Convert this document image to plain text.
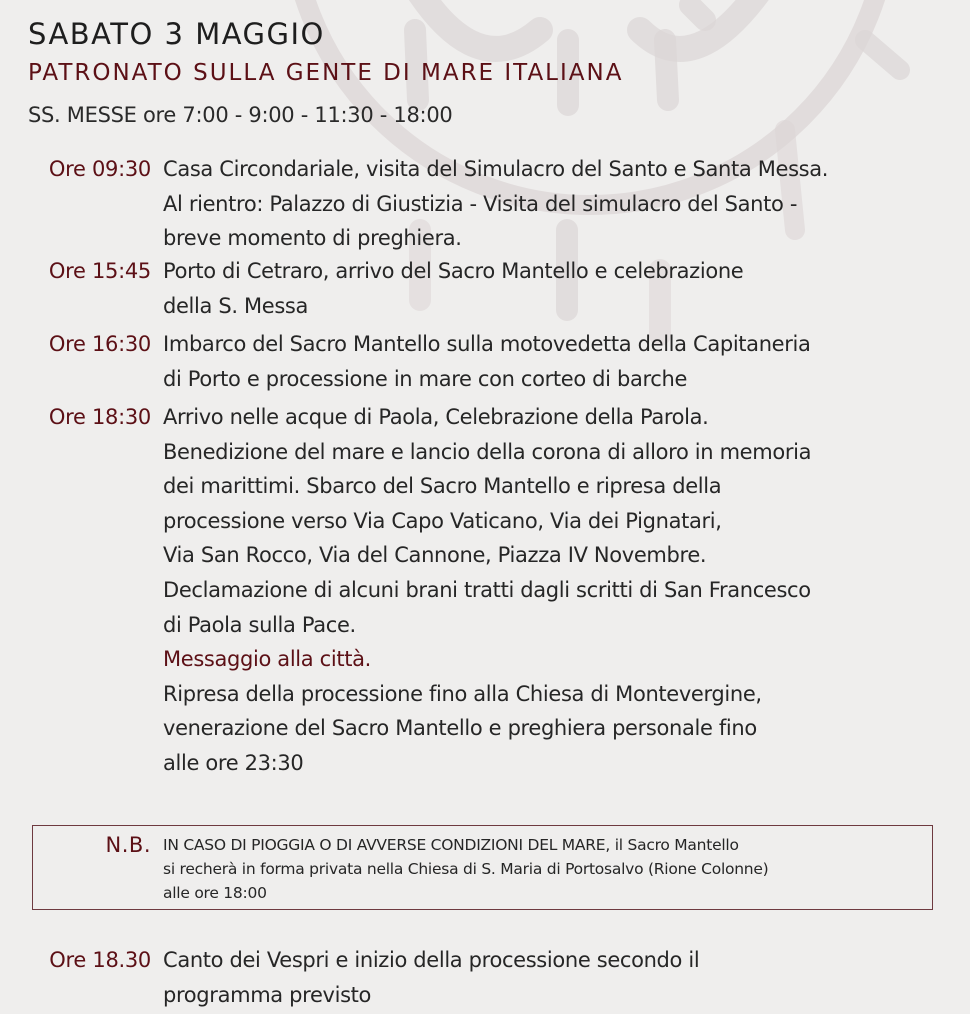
SABATO 3 MAGGIO
PATRONATO SULLA GENTE DI MARE ITALIANA
SS. MESSE ore 7:00 - 9:00 - 11:30 - 18:00
Ore 09:30 Casa Circondariale, visita del Simulacro del Santo e Santa Messa.
Al rientro: Palazzo di Giustizia - Visita del simulacro del Santo -
breve momento di preghiera.
Ore 15:45 Porto di Cetraro, arrivo del Sacro Mantello e celebrazione
della S. Messa
Ore 16:30 Imbarco del Sacro Mantello sulla motovedetta della Capitaneria
di Porto e processione in mare con corteo di barche
Ore 18:30 Arrivo nelle acque di Paola, Celebrazione della Parola.
Benedizione del mare e lancio della corona di alloro in memoria
dei marittimi. Sbarco del Sacro Mantello e ripresa della
processione verso Via Capo Vaticano, Via dei Pignatari,
Via San Rocco, Via del Cannone, Piazza IV Novembre.
Declamazione di alcuni brani tratti dagli scritti di San Francesco
di Paola sulla Pace.
Messaggio alla città.
Ripresa della processione fino alla Chiesa di Montevergine,
venerazione del Sacro Mantello e preghiera personale fino
alle ore 23:30
N.B. IN CASO DI PIOGGIA O DI AVVERSE CONDIZIONI DEL MARE, il Sacro Mantello
si recherà in forma privata nella Chiesa di S. Maria di Portosalvo (Rione Colonne)
alle ore 18:00
Ore 18.30 Canto dei Vespri e inizio della processione secondo il
programma previsto
